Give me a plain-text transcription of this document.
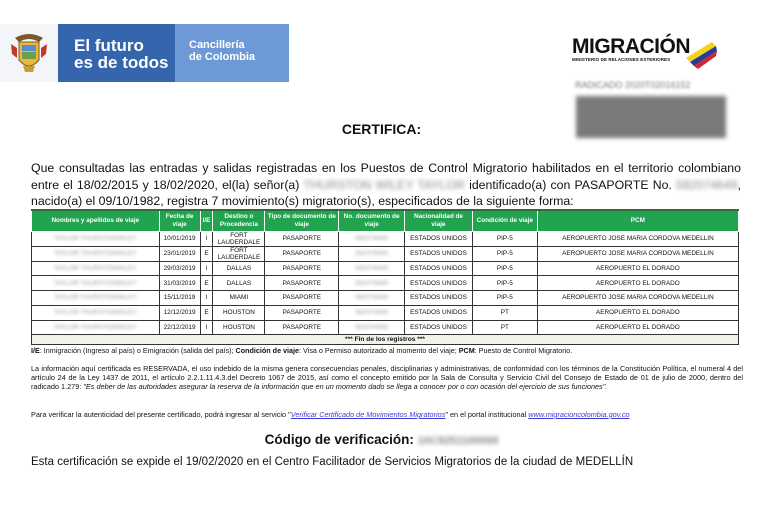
El futuro
es de todos
Cancillería
de Colombia	MIGRACIÓN
MINISTERIO DE RELACIONES EXTERIORES
RADICADO 2020T02016152
CERTIFICA:
Que consultadas las entradas y salidas registradas en los Puestos de Control Migratorio habilitados en el territorio colombiano entre el 18/02/2015 y 18/02/2020, el(la) señor(a) THURSTON WILEY TAYLOR identificado(a) con PASAPORTE No. 582074649, nacido(a) el 09/10/1982, registra 7 movimiento(s) migratorio(s), especificados de la siguiente forma:
Nombres y apellidos de viaje	Fecha de viaje	I/E	Destino o Procedencia	Tipo de documento de viaje	No. documento de viaje	Nacionalidad de viaje	Condición de viaje	PCM
TAYLOR THURSTONWILEY	10/01/2019	I	FORT LAUDERDALE	PASAPORTE	582074649	ESTADOS UNIDOS	PIP-5	AEROPUERTO JOSE MARIA CORDOVA MEDELLIN
TAYLOR THURSTONWILEY	23/01/2019	E	FORT LAUDERDALE	PASAPORTE	582074649	ESTADOS UNIDOS	PIP-5	AEROPUERTO JOSE MARIA CORDOVA MEDELLIN
TAYLOR THURSTONWILEY	29/03/2019	I	DALLAS	PASAPORTE	582074649	ESTADOS UNIDOS	PIP-5	AEROPUERTO EL DORADO
TAYLOR THURSTONWILEY	31/03/2019	E	DALLAS	PASAPORTE	582074649	ESTADOS UNIDOS	PIP-5	AEROPUERTO EL DORADO
TAYLOR THURSTONWILEY	15/11/2019	I	MIAMI	PASAPORTE	582074649	ESTADOS UNIDOS	PIP-5	AEROPUERTO JOSE MARIA CORDOVA MEDELLIN
TAYLOR THURSTONWILEY	12/12/2019	E	HOUSTON	PASAPORTE	582074649	ESTADOS UNIDOS	PT	AEROPUERTO EL DORADO
TAYLOR THURSTONWILEY	22/12/2019	I	HOUSTON	PASAPORTE	582074649	ESTADOS UNIDOS	PT	AEROPUERTO EL DORADO
*** Fin de los registros ***								
I/E: Inmigración (Ingreso al país) o Emigración (salida del país); Condición de viaje: Visa o Permiso autorizado al momento del viaje; PCM: Puesto de Control Migratorio.
La información aquí certificada es RESERVADA, el uso indebido de la misma genera consecuencias penales, disciplinarias y administrativas, de conformidad con los términos de la Constitución Política, el numeral 4 del artículo 24 de la Ley 1437 de 2011, el artículo 2.2.1.11.4.3.del Decreto 1067 de 2015, así como el concepto emitido por la Sala de Consulta y Servicio Civil del Consejo de Estado de 01 de julio de 2000, dentro del radicado 1.279: "Es deber de las autoridades asegurar la reserva de la información que en un momento dado se llega a conocer por o con ocasión del ejercicio de sus funciones".
Para verificar la autenticidad del presente certificado, podrá ingresar al servicio "Verificar Certificado de Movimientos Migratorios" en el portal institucional www.migracioncolombia.gov.co
Código de verificación: 10C9251100069
Esta certificación se expide el 19/02/2020 en el Centro Facilitador de Servicios Migratorios de la ciudad de MEDELLÍN
